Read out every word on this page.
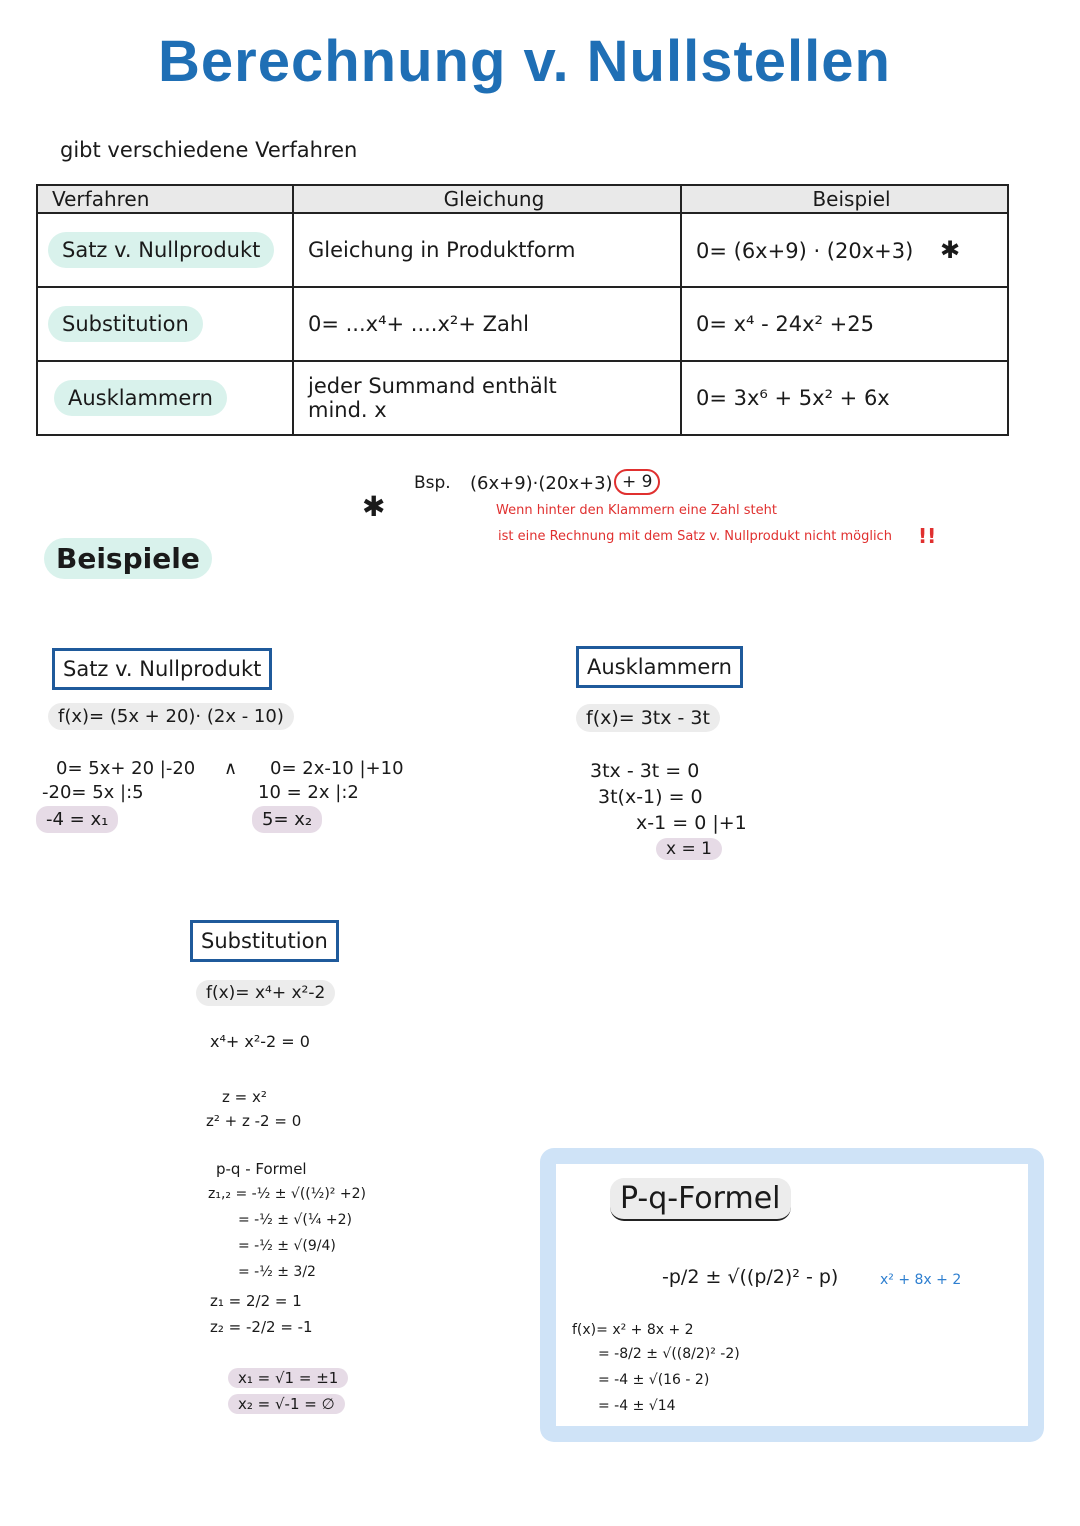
Berechnung v. Nullstellen
gibt verschiedene Verfahren
Verfahren	Gleichung	Beispiel
Satz v. Nullprodukt	Gleichung in Produktform	0= (6x+9) · (20x+3) ✱
Substitution	0= ...x⁴+ ....x²+ Zahl	0= x⁴ - 24x² +25
Ausklammern	jeder Summand enthält mind. x	0= 3x⁶ + 5x² + 6x
✱
Bsp. (6x+9)·(20x+3) + 9
Wenn hinter den Klammern eine Zahl steht
ist eine Rechnung mit dem Satz v. Nullprodukt nicht möglich !!
Beispiele
Satz v. Nullprodukt
f(x)= (5x + 20)· (2x - 10)
0= 5x+ 20 |-20
-20= 5x |:5
-4 = x₁
∧ 0= 2x-10 |+10
10 = 2x |:2
5= x₂
Ausklammern
f(x)= 3tx - 3t
3tx - 3t = 0
3t(x-1) = 0
x-1 = 0 |+1
x = 1
Substitution
f(x)= x⁴+ x²-2
x⁴+ x²-2 = 0
z = x²
z² + z -2 = 0
p-q - Formel
z₁,₂ = -½ ± √((½)² +2)
= -½ ± √(¼ +2)
= -½ ± √(9/4)
= -½ ± 3/2
z₁ = 2/2 = 1
z₂ = -2/2 = -1
x₁ = √1 = ±1
x₂ = √-1 = ∅
P-q-Formel
-p/2 ± √((p/2)² - p)	x² + 8x + 2
f(x)= x² + 8x + 2
= -8/2 ± √((8/2)² -2)
= -4 ± √(16 - 2)
= -4 ± √14
